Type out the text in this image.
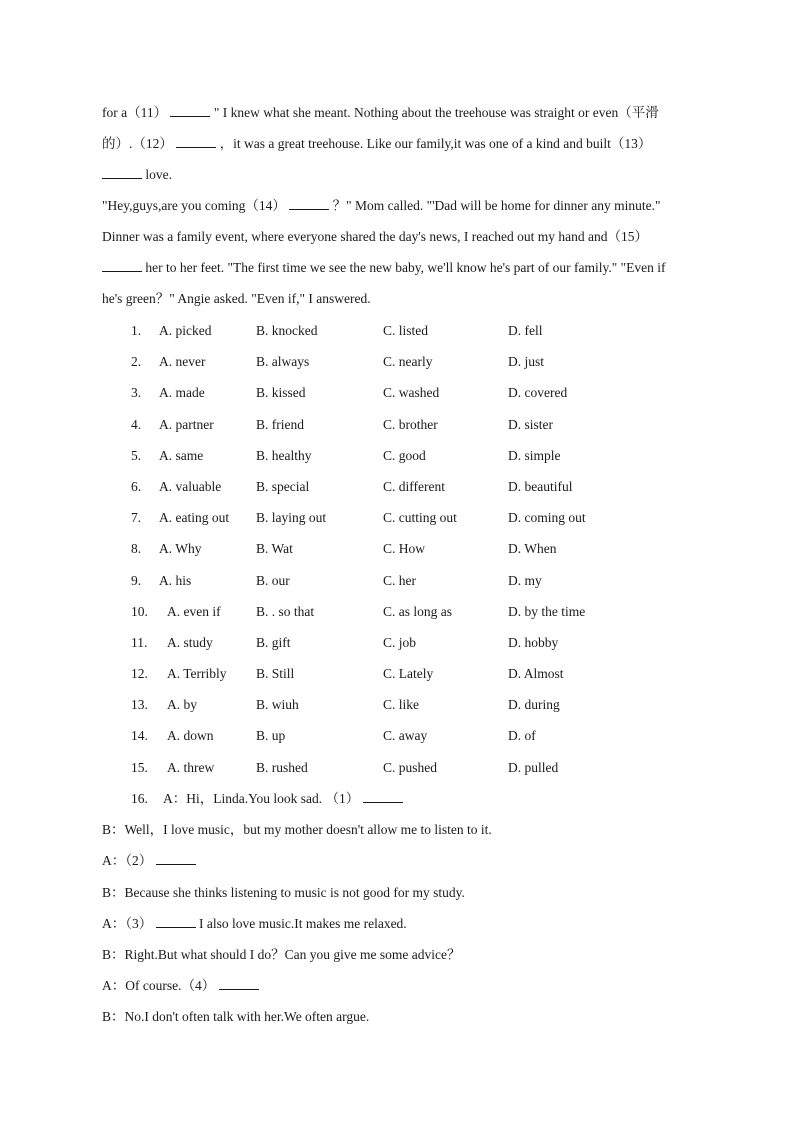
for a（11）	" I knew what she meant. Nothing about the treehouse was straight or even（平滑
的）.（12）	，it was a great treehouse. Like our family,it was one of a kind and built（13）
love.
"Hey,guys,are you coming（14）	？" Mom called. "'Dad will be home for dinner any minute."
Dinner was a family event, where everyone shared the day's news, I reached out my hand and（15）
her to her feet. "The first time we see the new baby, we'll know he's part of our family." "Even if
he's green？" Angie asked. "Even if," I answered.
1. A. picked	B. knocked	C. listed	D. fell
2. A. never	B. always	C. nearly	D. just
3. A. made	B. kissed	C. washed	D. covered
4. A. partner	B. friend	C. brother	D. sister
5. A. same	B. healthy	C. good	D. simple
6. A. valuable	B. special	C. different	D. beautiful
7. A. eating out B. laying out	C. cutting out	D. coming out
8. A. Why	B. Wat	C. How	D. When
9. A. his	B. our	C. her	D. my
10. A. even if	B. . so that	C. as long as	D. by the time
11. A. study	B. gift	C. job	D. hobby
12. A. Terribly B. Still	C. Lately	D. Almost
13. A. by	B. wiuh	C. like	D. during
14. A. down	B. up	C. away	D. of
15. A. threw	B. rushed	C. pushed	D. pulled
16. A：Hi，Linda.You look sad. （1）
B：Well，I love music，but my mother doesn't allow me to listen to it.
A：（2）
B：Because she thinks listening to music is not good for my study.
A：（3）	I also love music.It makes me relaxed.
B：Right.But what should I do？Can you give me some advice？
A：Of course.（4）
B：No.I don't often talk with her.We often argue.
